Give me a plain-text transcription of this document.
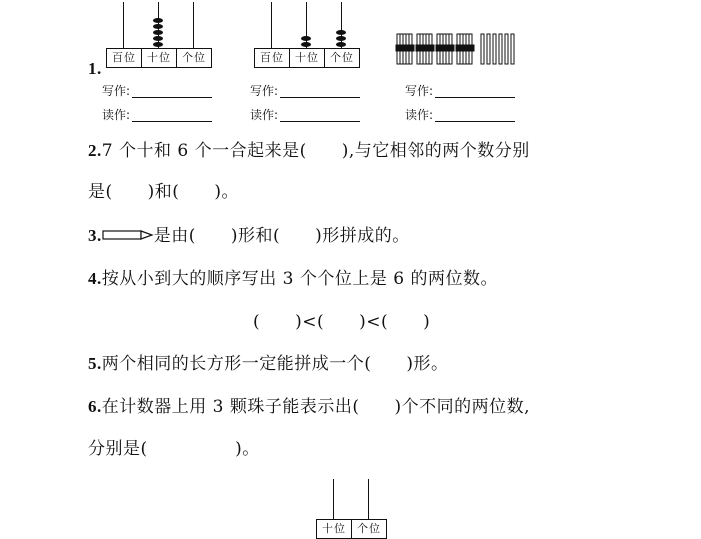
1.
百位	十位	个位	百位	十位	个位
写作:	写作:	写作:
读作:	读作:	读作:
2.7 个十和 6 个一合起来是(　　),与它相邻的两个数分别
是(　　)和(　　)。
3.	是由(　　)形和(　　)形拼成的。
4.按从小到大的顺序写出 3 个个位上是 6 的两位数。
(　　)<(　　)<(　　)
5.两个相同的长方形一定能拼成一个(　　)形。
6.在计数器上用 3 颗珠子能表示出(　　)个不同的两位数,
分别是(　　　　　)。
十位	个位
